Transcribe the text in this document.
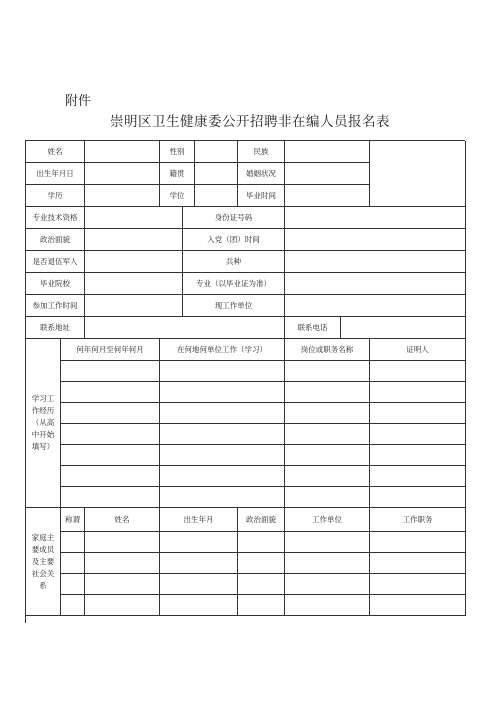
附件
崇明区卫生健康委公开招聘非在编人员报名表
姓名	性别	民族
出生年月日	籍贯	婚姻状况
学历	学位	毕业时间
专业技术资格	身份证号码
政治面貌	入党（团）时间
是否退伍军人	兵种
毕业院校	专业（以毕业证为准）
参加工作时间	现工作单位
联系地址	联系电话
学习工作经历（从高中开始填写）
何年何月至何年何月	在何地何单位工作（学习）	岗位或职务名称	证明人
家庭主要成员及主要社会关系
称谓	姓名	出生年月	政治面貌	工作单位	工作职务
